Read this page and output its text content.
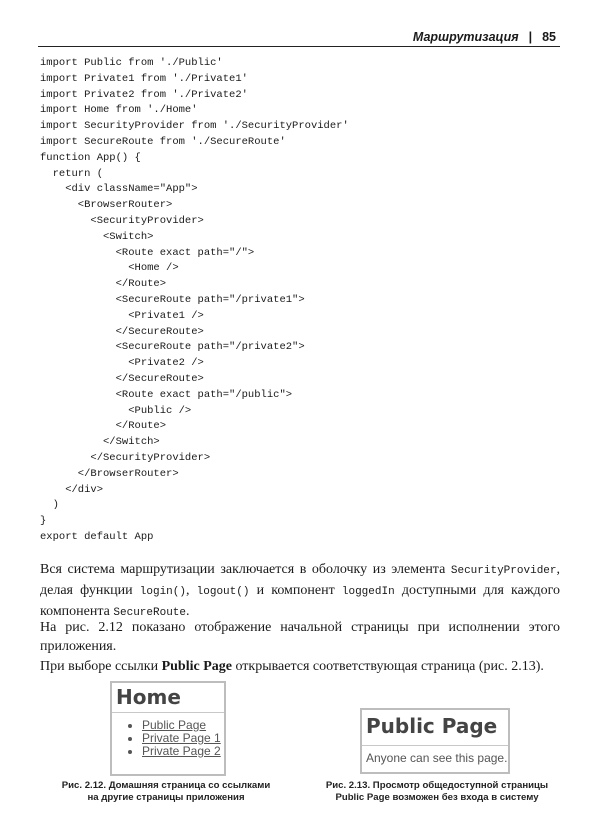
Маршрутизация | 85
import Public from './Public'
import Private1 from './Private1'
import Private2 from './Private2'
import Home from './Home'
import SecurityProvider from './SecurityProvider'
import SecureRoute from './SecureRoute'
function App() {
return (
<div className="App">
<BrowserRouter>
<SecurityProvider>
<Switch>
<Route exact path="/">
<Home />
</Route>
<SecureRoute path="/private1">
<Private1 />
</SecureRoute>
<SecureRoute path="/private2">
<Private2 />
</SecureRoute>
<Route exact path="/public">
<Public />
</Route>
</Switch>
</SecurityProvider>
</BrowserRouter>
</div>
)
}
export default App

Вся система маршрутизации заключается в оболочку из элемента SecurityProvider, делая функции login(), logout() и компонент loggedIn доступными для каждого компонента SecureRoute.

На рис. 2.12 показано отображение начальной страницы при исполнении этого приложения.

При выборе ссылки Public Page открывается соответствующая страница (рис. 2.13).

Home
• Public Page
• Private Page 1
• Private Page 2

Рис. 2.12. Домашняя страница со ссылками
на другие страницы приложения

Public Page
Anyone can see this page.

Рис. 2.13. Просмотр общедоступной страницы
Public Page возможен без входа в систему
